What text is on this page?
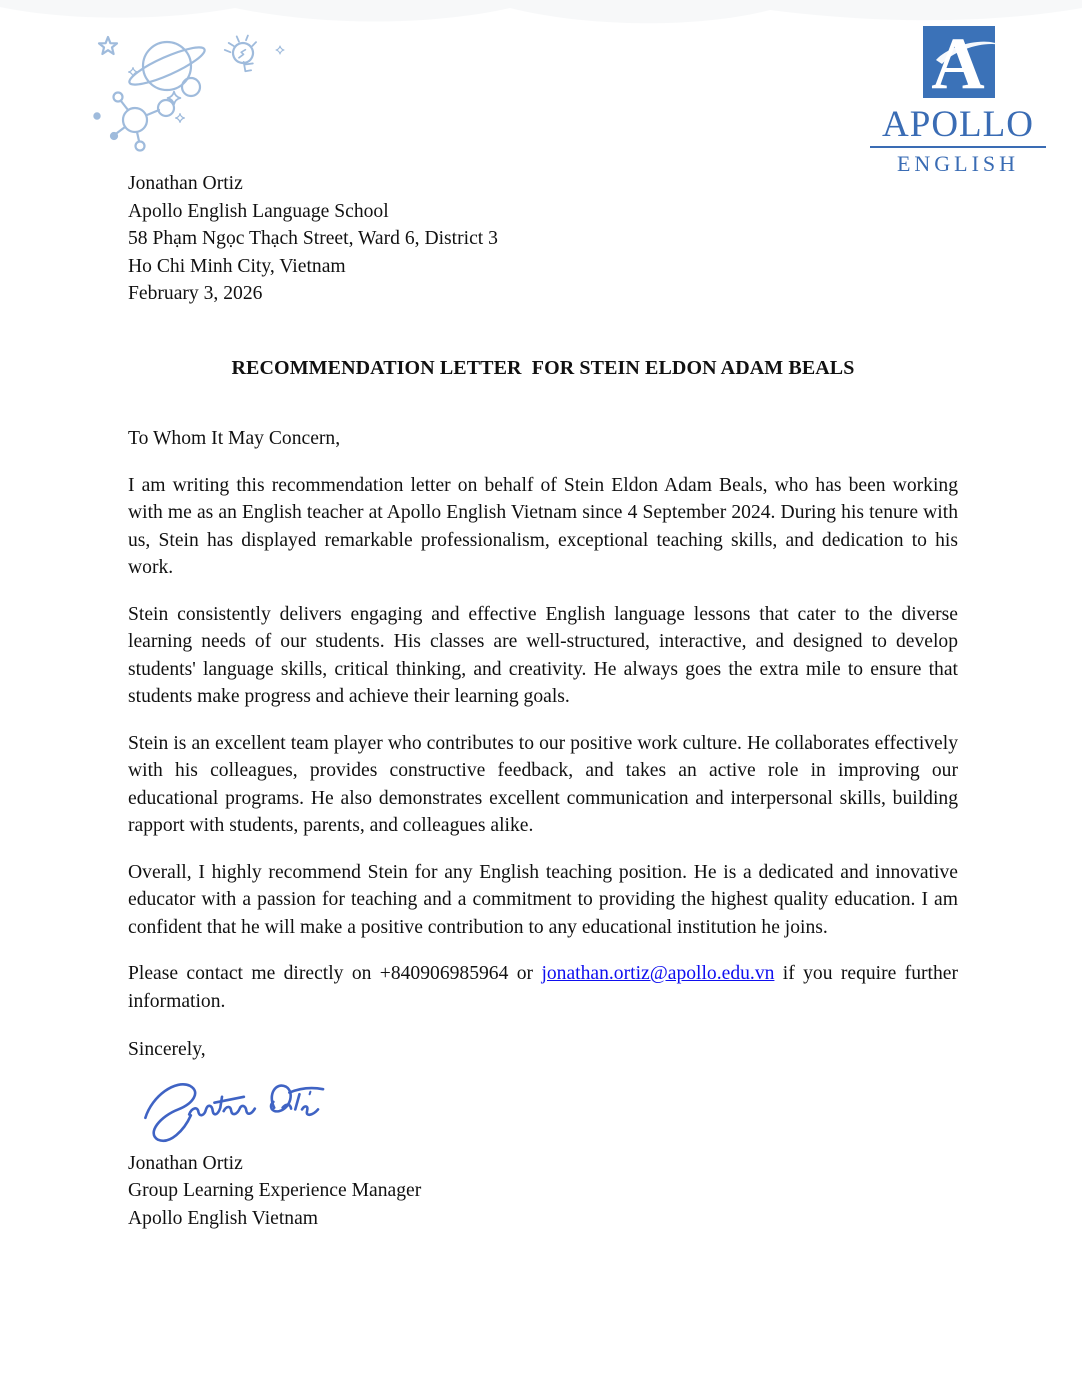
A
APOLLO
ENGLISH
Jonathan Ortiz
Apollo English Language School
58 Phạm Ngọc Thạch Street, Ward 6, District 3
Ho Chi Minh City, Vietnam
February 3, 2026
RECOMMENDATION LETTER  FOR STEIN ELDON ADAM BEALS
To Whom It May Concern,

I am writing this recommendation letter on behalf of Stein Eldon Adam Beals, who has been working with me as an English teacher at Apollo English Vietnam since 4 September 2024. During his tenure with us, Stein has displayed remarkable professionalism, exceptional teaching skills, and dedication to his work.

Stein consistently delivers engaging and effective English language lessons that cater to the diverse learning needs of our students. His classes are well-structured, interactive, and designed to develop students' language skills, critical thinking, and creativity. He always goes the extra mile to ensure that students make progress and achieve their learning goals.

Stein is an excellent team player who contributes to our positive work culture. He collaborates effectively with his colleagues, provides constructive feedback, and takes an active role in improving our educational programs. He also demonstrates excellent communication and interpersonal skills, building rapport with students, parents, and colleagues alike.

Overall, I highly recommend Stein for any English teaching position. He is a dedicated and innovative educator with a passion for teaching and a commitment to providing the highest quality education. I am confident that he will make a positive contribution to any educational institution he joins.

Please contact me directly on +840906985964 or jonathan.ortiz@apollo.edu.vn if you require further information.

Sincerely,
Jonathan Ortiz
Group Learning Experience Manager
Apollo English Vietnam
